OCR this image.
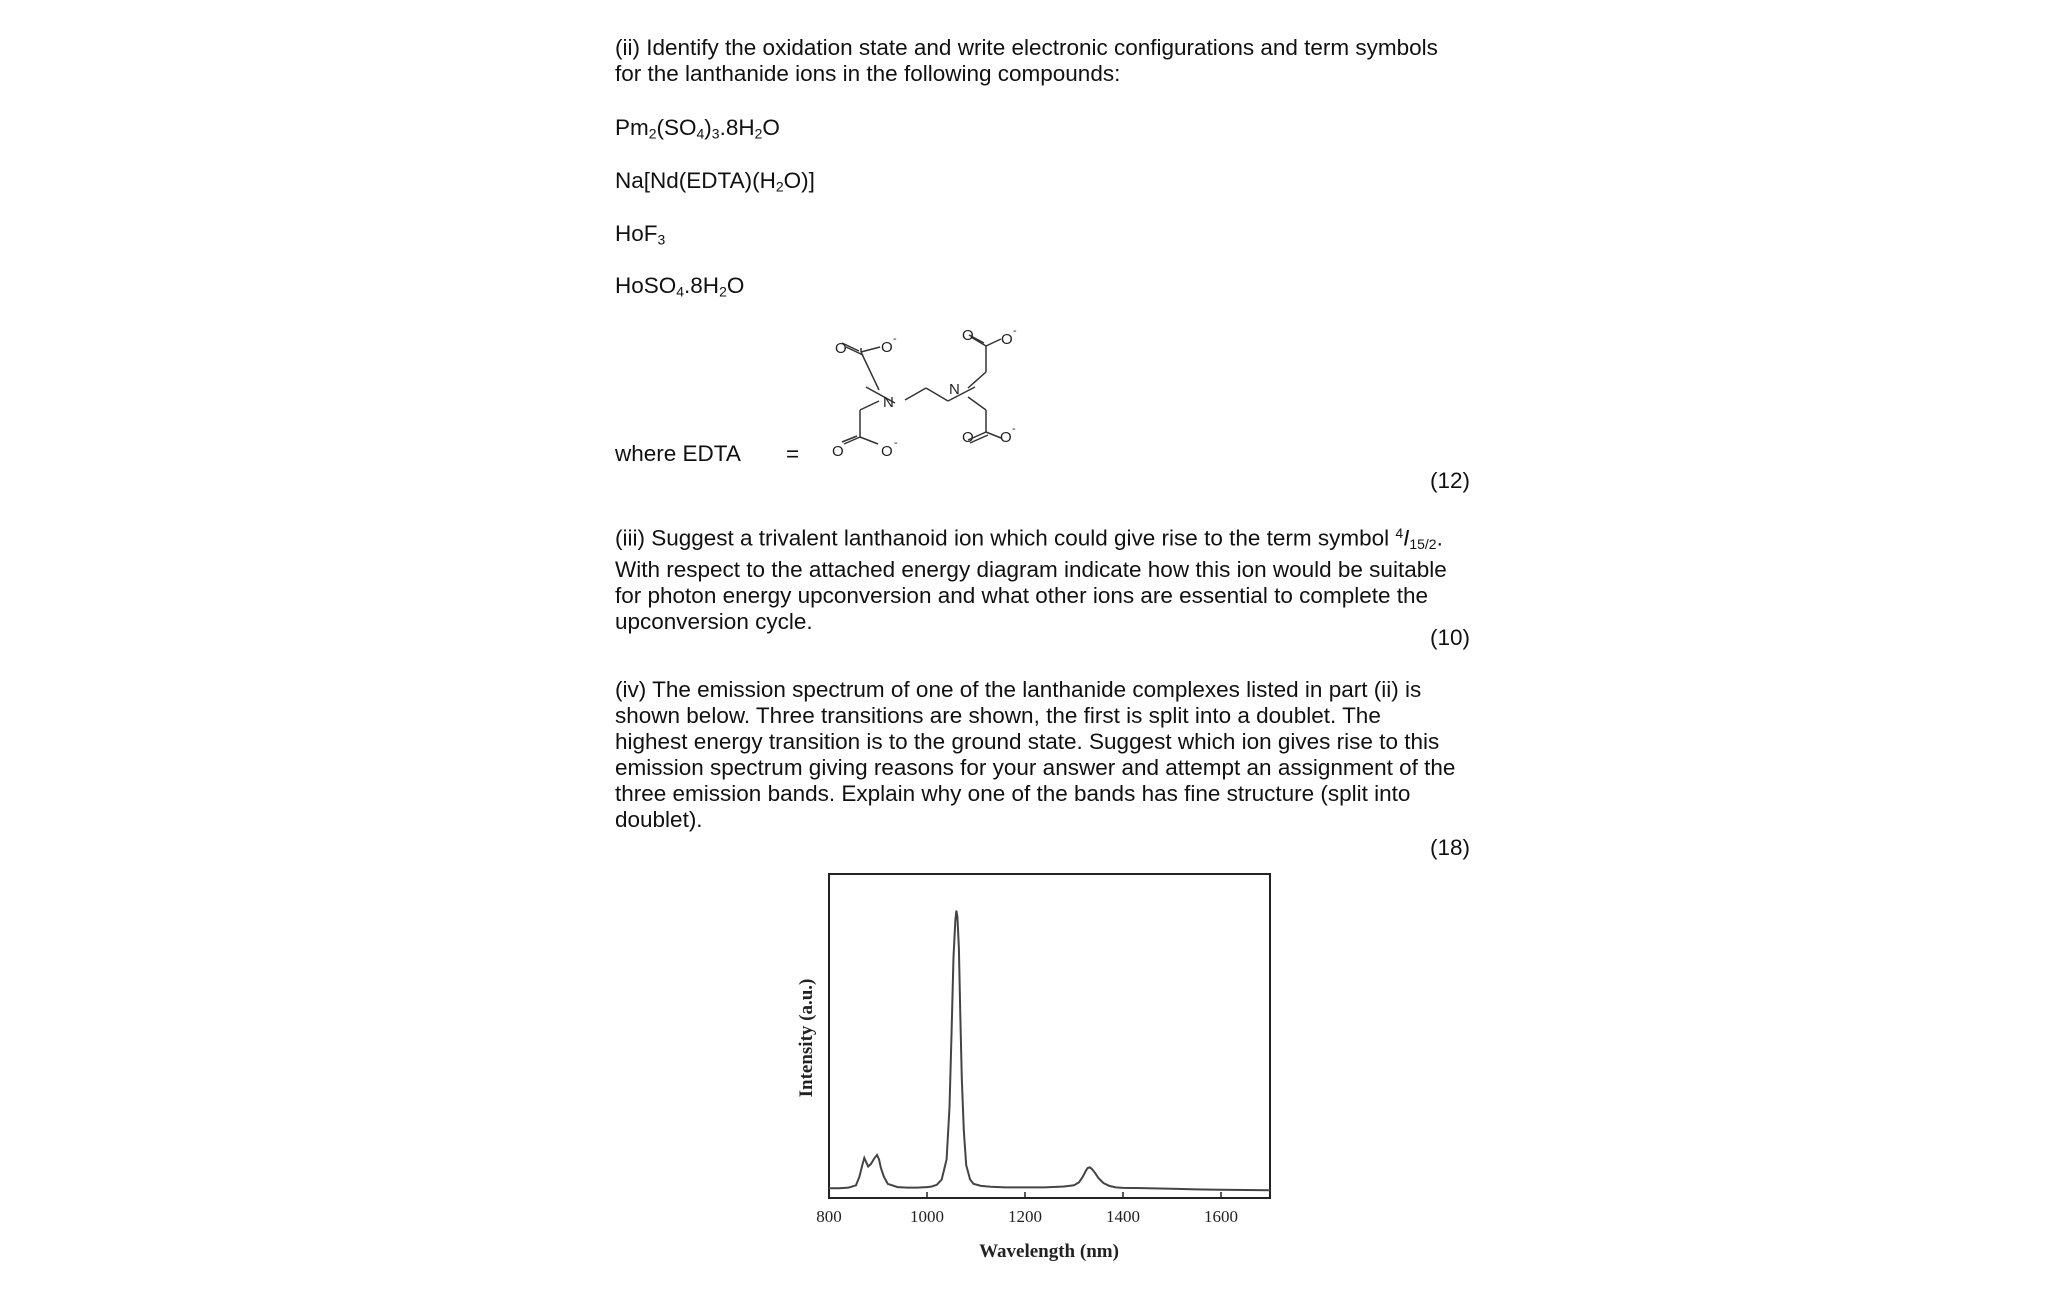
(ii) Identify the oxidation state and write electronic configurations and term symbols
for the lanthanide ions in the following compounds:

$Pm_2(SO_4)_3.8H_2O$

$Na[Nd(EDTA)(H_2O)]$

HoF$_3$

$HoSO_4.8H_2O$

where EDTA =
O O -
N
N
O O -
O O -	O O -

(12)

(iii) Suggest a trivalent lanthanoid ion which could give rise to the term symbol $^4I_{15/2}$.
With respect to the attached energy diagram indicate how this ion would be suitable
for photon energy upconversion and what other ions are essential to complete the
upconversion cycle.

(10)

(iv) The emission spectrum of one of the lanthanide complexes listed in part (ii) is
shown below. Three transitions are shown, the first is split into a doublet. The
highest energy transition is to the ground state. Suggest which ion gives rise to this
emission spectrum giving reasons for your answer and attempt an assignment of the
three emission bands. Explain why one of the bands has fine structure (split into
doublet).

(18)

800	1000	1200	1400	1600
Wavelength (nm)
Intensity (a.u.)
